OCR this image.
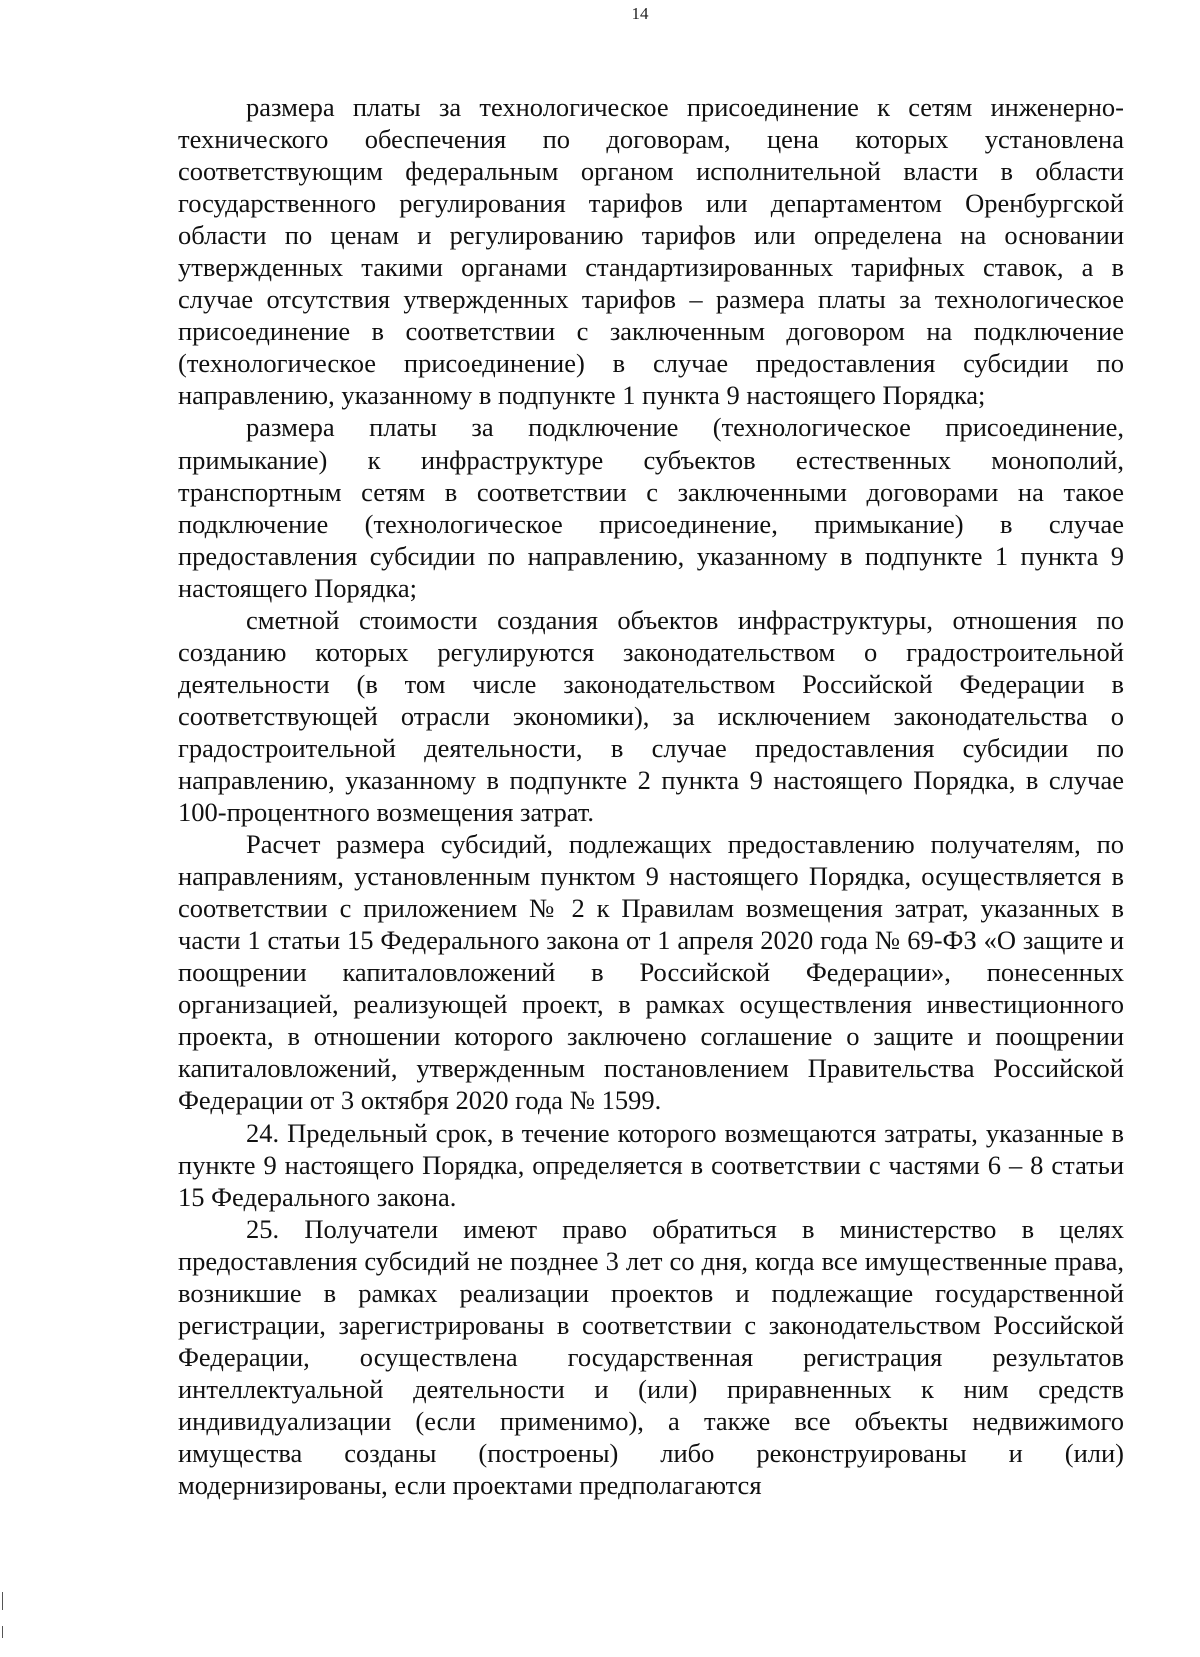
14

размера платы за технологическое присоединение к сетям инженерно-технического обеспечения по договорам, цена которых установлена соответствующим федеральным органом исполнительной власти в области государственного регулирования тарифов или департаментом Оренбургской области по ценам и регулированию тарифов или определена на основании утвержденных такими органами стандартизированных тарифных ставок, а в случае отсутствия утвержденных тарифов – размера платы за технологическое присоединение в соответствии с заключенным договором на подключение (технологическое присоединение) в случае предоставления субсидии по направлению, указанному в подпункте 1 пункта 9 настоящего Порядка;

размера платы за подключение (технологическое присоединение, примыкание) к инфраструктуре субъектов естественных монополий, транспортным сетям в соответствии с заключенными договорами на такое подключение (технологическое присоединение, примыкание) в случае предоставления субсидии по направлению, указанному в подпункте 1 пункта 9 настоящего Порядка;

сметной стоимости создания объектов инфраструктуры, отношения по созданию которых регулируются законодательством о градостроительной деятельности (в том числе законодательством Российской Федерации в соответствующей отрасли экономики), за исключением законодательства о градостроительной деятельности, в случае предоставления субсидии по направлению, указанному в подпункте 2 пункта 9 настоящего Порядка, в случае 100-процентного возмещения затрат.

Расчет размера субсидий, подлежащих предоставлению получателям, по направлениям, установленным пунктом 9 настоящего Порядка, осуществляется в соответствии с приложением № 2 к Правилам возмещения затрат, указанных в части 1 статьи 15 Федерального закона от 1 апреля 2020 года № 69-ФЗ «О защите и поощрении капиталовложений в Российской Федерации», понесенных организацией, реализующей проект, в рамках осуществления инвестиционного проекта, в отношении которого заключено соглашение о защите и поощрении капиталовложений, утвержденным постановлением Правительства Российской Федерации от 3 октября 2020 года № 1599.

24. Предельный срок, в течение которого возмещаются затраты, указанные в пункте 9 настоящего Порядка, определяется в соответствии с частями 6 – 8 статьи 15 Федерального закона.

25. Получатели имеют право обратиться в министерство в целях предоставления субсидий не позднее 3 лет со дня, когда все имущественные права, возникшие в рамках реализации проектов и подлежащие государственной регистрации, зарегистрированы в соответствии с законодательством Российской Федерации, осуществлена государственная регистрация результатов интеллектуальной деятельности и (или) приравненных к ним средств индивидуализации (если применимо), а также все объекты недвижимого имущества созданы (построены) либо реконструированы и (или) модернизированы, если проектами предполагаются
